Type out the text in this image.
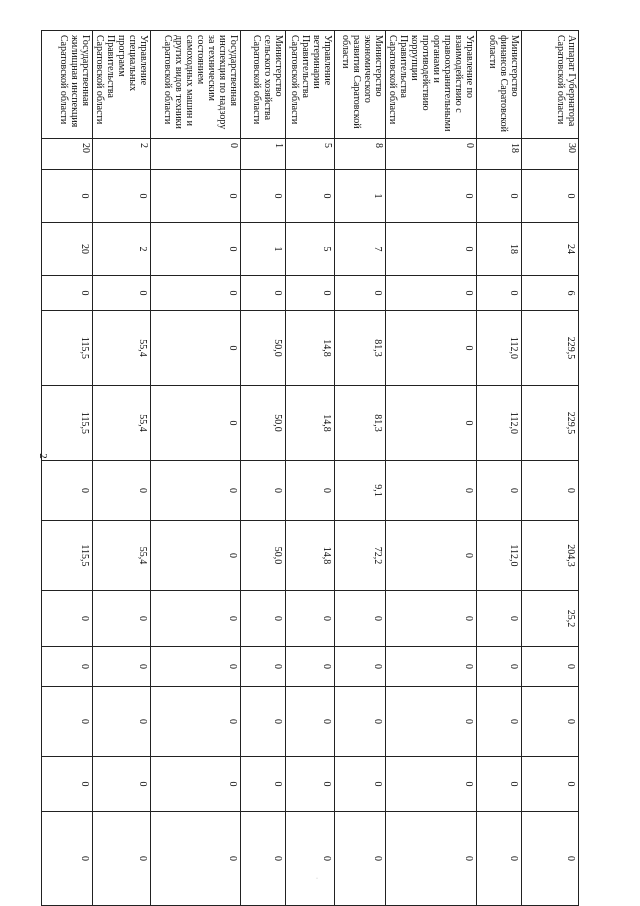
2
Аппарат Губернатора Саратовской области	30	0	24	6	229,5	229,5	0	204,3	25,2	0	0	0	0
Министерство финансов Саратовской области	18	0	18	0	112,0	112,0	0	112,0	0	0	0	0	0
Управление по взаимодействию с правоохранительными органами и противодействию коррупции Правительства Саратовской области	0	0	0	0	0	0	0	0	0	0	0	0	0
Министерство экономического развития Саратовской области	8	1	7	0	81,3	81,3	9,1	72,2	0	0	0	0	0
Управление ветеринарии Правительства Саратовской области	5	0	5	0	14,8	14,8	0	14,8	0	0	0	0	0
Министерство сельского хозяйства Саратовской области	1	0	1	0	50,0	50,0	0	50,0	0	0	0	0	0
Государственная инспекция по надзору за техническим состоянием самоходных машин и других видов техники Саратовской области	0	0	0	0	0	0	0	0	0	0	0	0	0
Управление специальных программ Правительства Саратовской области	2	0	2	0	55,4	55,4	0	55,4	0	0	0	0	0
Государственная жилищная инспекция Саратовской области	20	0	20	0	115,5	115,5	0	115,5	0	0	0	0	0
·
